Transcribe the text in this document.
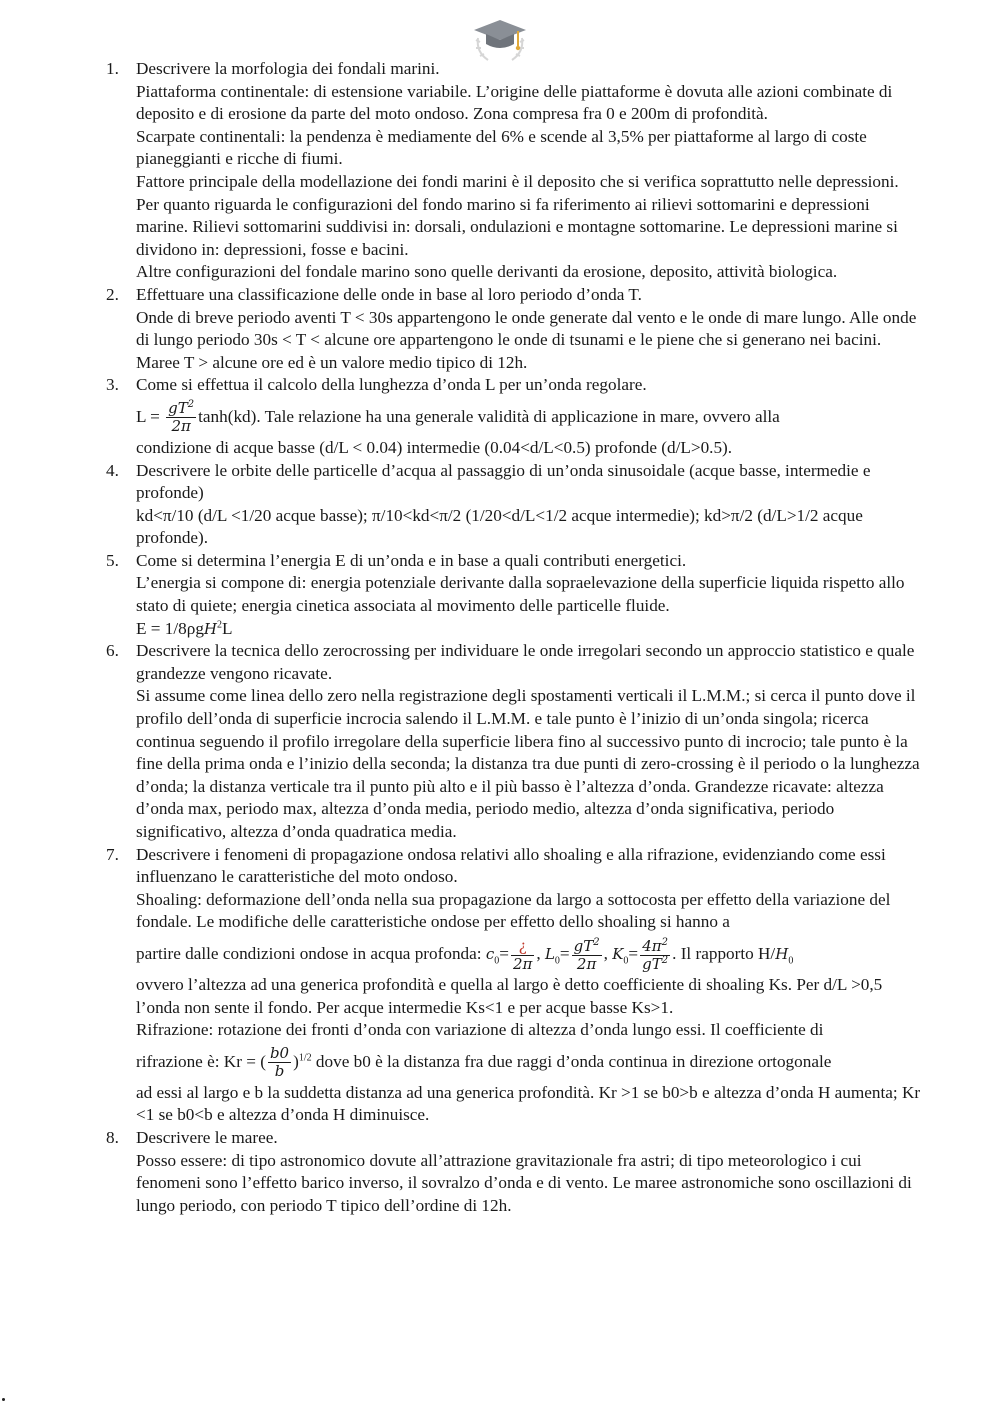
1. Descrivere la morfologia dei fondali marini.
Piattaforma continentale: di estensione variabile. L’origine delle piattaforme è dovuta alle azioni combinate di deposito e di erosione da parte del moto ondoso. Zona compresa fra 0 e 200m di profondità.
Scarpate continentali: la pendenza è mediamente del 6% e scende al 3,5% per piattaforme al largo di coste pianeggianti e ricche di fiumi.
Fattore principale della modellazione dei fondi marini è il deposito che si verifica soprattutto nelle depressioni. Per quanto riguarda le configurazioni del fondo marino si fa riferimento ai rilievi sottomarini e depressioni marine. Rilievi sottomarini suddivisi in: dorsali, ondulazioni e montagne sottomarine. Le depressioni marine si dividono in: depressioni, fosse e bacini.
Altre configurazioni del fondale marino sono quelle derivanti da erosione, deposito, attività biologica.
2. Effettuare una classificazione delle onde in base al loro periodo d’onda T.
Onde di breve periodo aventi T < 30s appartengono le onde generate dal vento e le onde di mare lungo. Alle onde di lungo periodo 30s < T < alcune ore appartengono le onde di tsunami e le piene che si generano nei bacini. Maree T > alcune ore ed è un valore medio tipico di 12h.
3. Come si effettua il calcolo della lunghezza d’onda L per un’onda regolare.
$L = \frac{gT^2}{2\pi} \tanh(kd)$. Tale relazione ha una generale validità di applicazione in mare, ovvero alla
condizione di acque basse (d/L < 0.04) intermedie (0.04<d/L<0.5) profonde (d/L>0.5).
4. Descrivere le orbite delle particelle d’acqua al passaggio di un’onda sinusoidale (acque basse, intermedie e profonde)
kd<π/10 (d/L <1/20 acque basse); π/10<kd<π/2 (1/20<d/L<1/2 acque intermedie); kd>π/2 (d/L>1/2 acque profonde).
5. Come si determina l’energia E di un’onda e in base a quali contributi energetici.
L’energia si compone di: energia potenziale derivante dalla sopraelevazione della superficie liquida rispetto allo stato di quiete; energia cinetica associata al movimento delle particelle fluide.
E = 1/8ρgH$^2$L
6. Descrivere la tecnica dello zerocrossing per individuare le onde irregolari secondo un approccio statistico e quale grandezze vengono ricavate.
Si assume come linea dello zero nella registrazione degli spostamenti verticali il L.M.M.; si cerca il punto dove il profilo dell’onda di superficie incrocia salendo il L.M.M. e tale punto è l’inizio di un’onda singola; ricerca continua seguendo il profilo irregolare della superficie libera fino al successivo punto di incrocio; tale punto è la fine della prima onda e l’inizio della seconda; la distanza tra due punti di zero-crossing è il periodo o la lunghezza d’onda; la distanza verticale tra il punto più alto e il più basso è l’altezza d’onda. Grandezze ricavate: altezza d’onda max, periodo max, altezza d’onda media, periodo medio, altezza d’onda significativa, periodo significativo, altezza d’onda quadratica media.
7. Descrivere i fenomeni di propagazione ondosa relativi allo shoaling e alla rifrazione, evidenziando come essi influenzano le caratteristiche del moto ondoso.
Shoaling: deformazione dell’onda nella sua propagazione da largo a sottocosta per effetto della variazione del fondale. Le modifiche delle caratteristiche ondose per effetto dello shoaling si hanno a
partire dalle condizioni ondose in acqua profonda: $c_0= \frac{¿}{2\pi}$ , $L_0= \frac{gT^2}{2\pi}$ , $K_0= \frac{4\pi^2}{gT^2}$ . Il rapporto $H/H_0$
ovvero l’altezza ad una generica profondità e quella al largo è detto coefficiente di shoaling Ks. Per d/L >0,5 l’onda non sente il fondo. Per acque intermedie Ks<1 e per acque basse Ks>1.
Rifrazione: rotazione dei fronti d’onda con variazione di altezza d’onda lungo essi. Il coefficiente di
rifrazione è: Kr = ( $\frac{b0}{b} )^{1/2}$ dove b0 è la distanza fra due raggi d’onda continua in direzione ortogonale
ad essi al largo e b la suddetta distanza ad una generica profondità. Kr >1 se b0>b e altezza d’onda H aumenta; Kr <1 se b0<b e altezza d’onda H diminuisce.
8. Descrivere le maree.
Posso essere: di tipo astronomico dovute all’attrazione gravitazionale fra astri; di tipo meteorologico i cui fenomeni sono l’effetto barico inverso, il sovralzo d’onda e di vento. Le maree astronomiche sono oscillazioni di lungo periodo, con periodo T tipico dell’ordine di 12h.
